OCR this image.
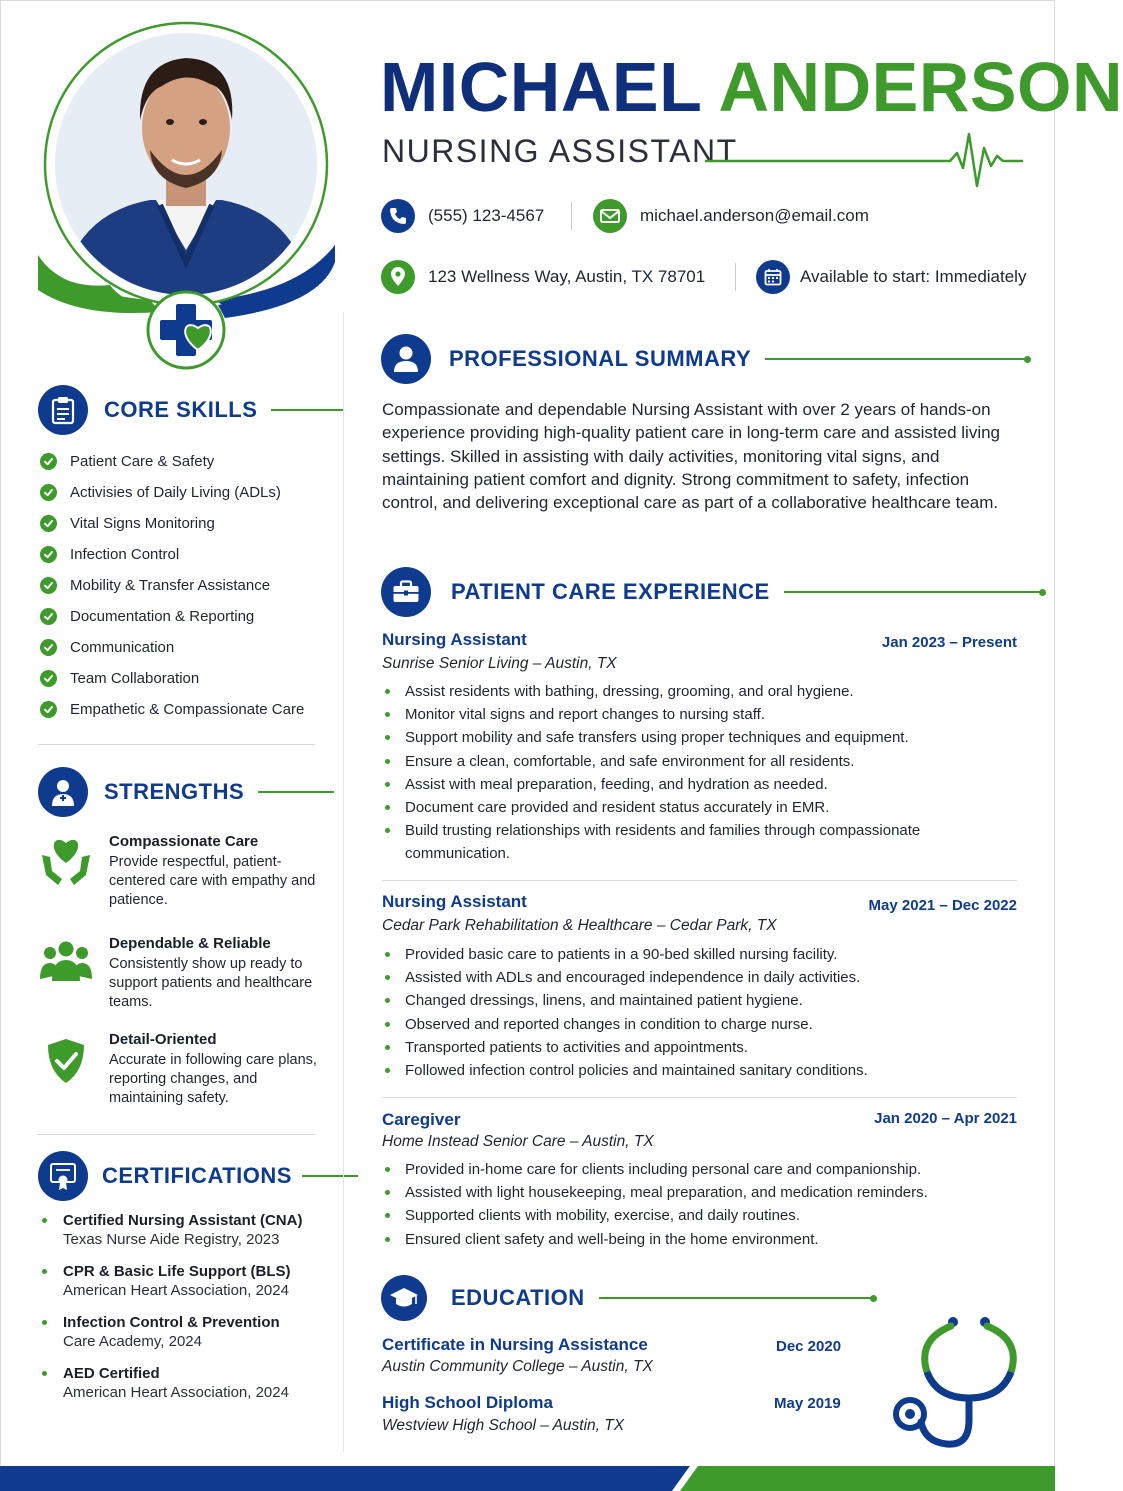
CORE SKILLS
Patient Care & Safety
Activisies of Daily Living (ADLs)
Vital Signs Monitoring
Infection Control
Mobility & Transfer Assistance
Documentation & Reporting
Communication
Team Collaboration
Empathetic & Compassionate Care
STRENGTHS
Compassionate Care
Provide respectful, patient-centered care with empathy and patience.
Dependable & Reliable
Consistently show up ready to support patients and healthcare teams.
Detail-Oriented
Accurate in following care plans, reporting changes, and maintaining safety.
CERTIFICATIONS
Certified Nursing Assistant (CNA)
Texas Nurse Aide Registry, 2023
CPR & Basic Life Support (BLS)
American Heart Association, 2024
Infection Control & Prevention
Care Academy, 2024
AED Certified
American Heart Association, 2024
MICHAEL ANDERSON
NURSING ASSISTANT
(555) 123-4567	michael.anderson@email.com
123 Wellness Way, Austin, TX 78701	Available to start: Immediately
PROFESSIONAL SUMMARY
Compassionate and dependable Nursing Assistant with over 2 years of hands-on experience providing high-quality patient care in long-term care and assisted living settings. Skilled in assisting with daily activities, monitoring vital signs, and maintaining patient comfort and dignity. Strong commitment to safety, infection control, and delivering exceptional care as part of a collaborative healthcare team.
PATIENT CARE EXPERIENCE
Nursing Assistant	Jan 2023 – Present
Sunrise Senior Living – Austin, TX
Assist residents with bathing, dressing, grooming, and oral hygiene.
Monitor vital signs and report changes to nursing staff.
Support mobility and safe transfers using proper techniques and equipment.
Ensure a clean, comfortable, and safe environment for all residents.
Assist with meal preparation, feeding, and hydration as needed.
Document care provided and resident status accurately in EMR.
Build trusting relationships with residents and families through compassionate communication.
Nursing Assistant	May 2021 – Dec 2022
Cedar Park Rehabilitation & Healthcare – Cedar Park, TX
Provided basic care to patients in a 90-bed skilled nursing facility.
Assisted with ADLs and encouraged independence in daily activities.
Changed dressings, linens, and maintained patient hygiene.
Observed and reported changes in condition to charge nurse.
Transported patients to activities and appointments.
Followed infection control policies and maintained sanitary conditions.
Caregiver	Jan 2020 – Apr 2021
Home Instead Senior Care – Austin, TX
Provided in-home care for clients including personal care and companionship.
Assisted with light housekeeping, meal preparation, and medication reminders.
Supported clients with mobility, exercise, and daily routines.
Ensured client safety and well-being in the home environment.
EDUCATION
Certificate in Nursing Assistance	Dec 2020
Austin Community College – Austin, TX
High School Diploma	May 2019
Westview High School – Austin, TX
